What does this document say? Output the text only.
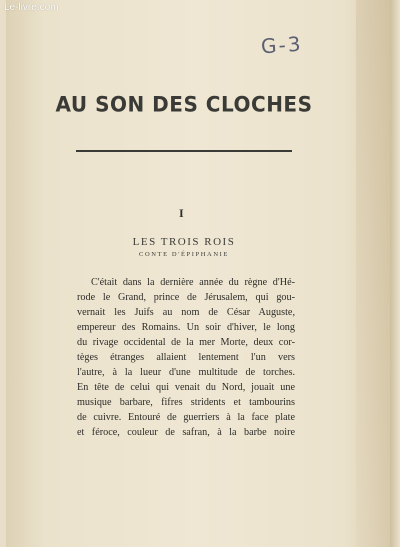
Le-livre.com
G-3
AU SON DES CLOCHES
I
LES TROIS ROIS
CONTE D'ÉPIPHANIE
C'était dans la dernière année du règne d'Hé-
rode le Grand, prince de Jérusalem, qui gou-
vernait les Juifs au nom de César Auguste,
empereur des Romains. Un soir d'hiver, le long
du rivage occidental de la mer Morte, deux cor-
tèges étranges allaient lentement l'un vers
l'autre, à la lueur d'une multitude de torches.
En tête de celui qui venait du Nord, jouait une
musique barbare, fifres stridents et tambourins
de cuivre. Entouré de guerriers à la face plate
et féroce, couleur de safran, à la barbe noire
